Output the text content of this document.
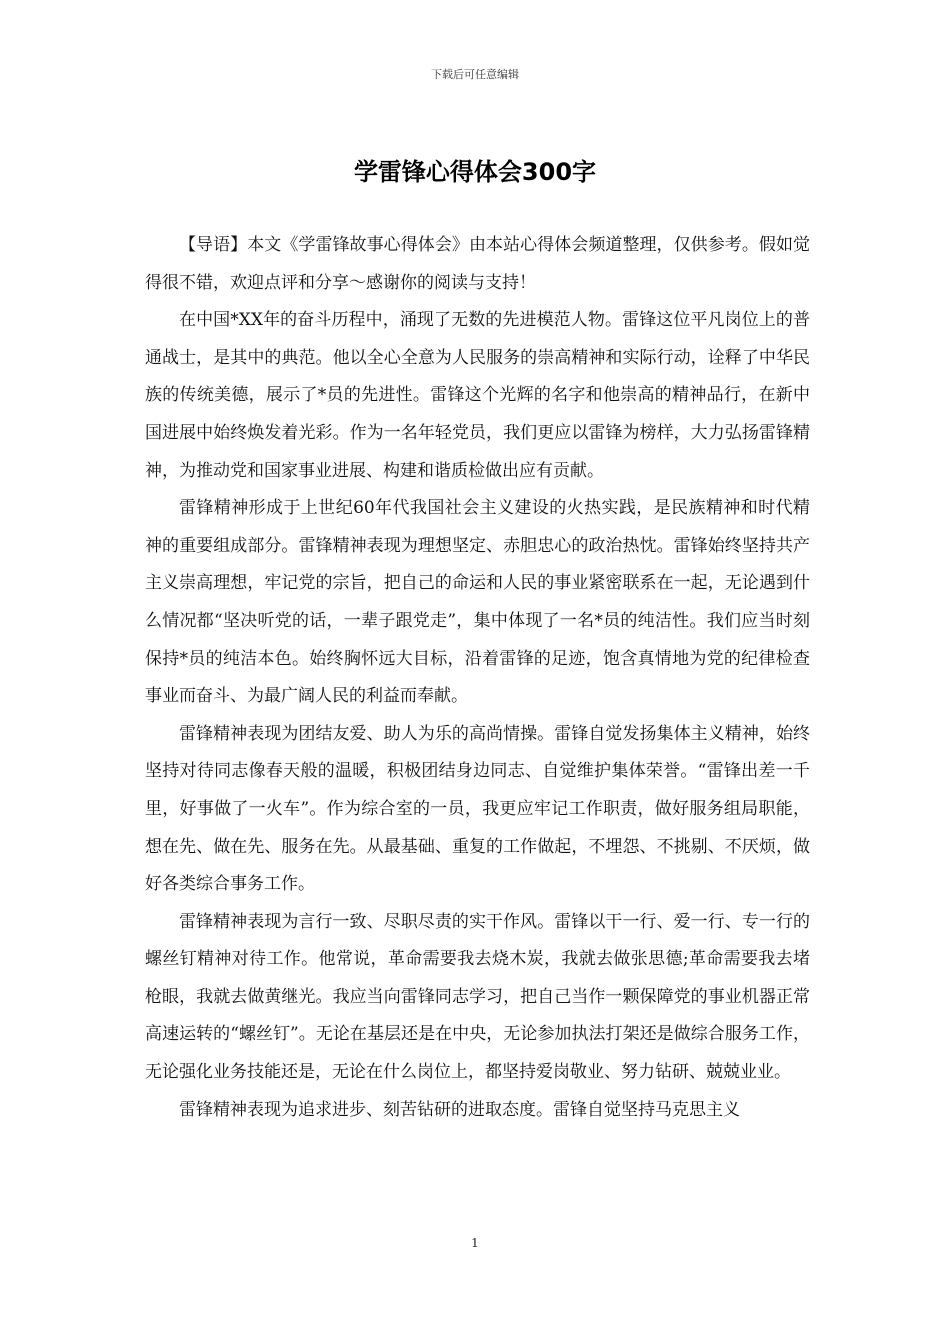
下载后可任意编辑
学雷锋心得体会300字

【导语】本文《学雷锋故事心得体会》由本站心得体会频道整理，仅供参考。假如觉得很不错，欢迎点评和分享～感谢你的阅读与支持！

在中国*XX年的奋斗历程中，涌现了无数的先进模范人物。雷锋这位平凡岗位上的普通战士，是其中的典范。他以全心全意为人民服务的崇高精神和实际行动，诠释了中华民族的传统美德，展示了*员的先进性。雷锋这个光辉的名字和他崇高的精神品行，在新中国进展中始终焕发着光彩。作为一名年轻党员，我们更应以雷锋为榜样，大力弘扬雷锋精神，为推动党和国家事业进展、构建和谐质检做出应有贡献。

雷锋精神形成于上世纪60年代我国社会主义建设的火热实践，是民族精神和时代精神的重要组成部分。雷锋精神表现为理想坚定、赤胆忠心的政治热忱。雷锋始终坚持共产主义崇高理想，牢记党的宗旨，把自己的命运和人民的事业紧密联系在一起，无论遇到什么情况都“坚决听党的话，一辈子跟党走”，集中体现了一名*员的纯洁性。我们应当时刻保持*员的纯洁本色。始终胸怀远大目标，沿着雷锋的足迹，饱含真情地为党的纪律检查事业而奋斗、为最广阔人民的利益而奉献。

雷锋精神表现为团结友爱、助人为乐的高尚情操。雷锋自觉发扬集体主义精神，始终坚持对待同志像春天般的温暖，积极团结身边同志、自觉维护集体荣誉。“雷锋出差一千里，好事做了一火车”。作为综合室的一员，我更应牢记工作职责，做好服务组局职能，想在先、做在先、服务在先。从最基础、重复的工作做起，不埋怨、不挑剔、不厌烦，做好各类综合事务工作。

雷锋精神表现为言行一致、尽职尽责的实干作风。雷锋以干一行、爱一行、专一行的螺丝钉精神对待工作。他常说，革命需要我去烧木炭，我就去做张思德;革命需要我去堵枪眼，我就去做黄继光。我应当向雷锋同志学习，把自己当作一颗保障党的事业机器正常高速运转的“螺丝钉”。无论在基层还是在中央，无论参加执法打架还是做综合服务工作，无论强化业务技能还是，无论在什么岗位上，都坚持爱岗敬业、努力钻研、兢兢业业。

雷锋精神表现为追求进步、刻苦钻研的进取态度。雷锋自觉坚持马克思主义

1
